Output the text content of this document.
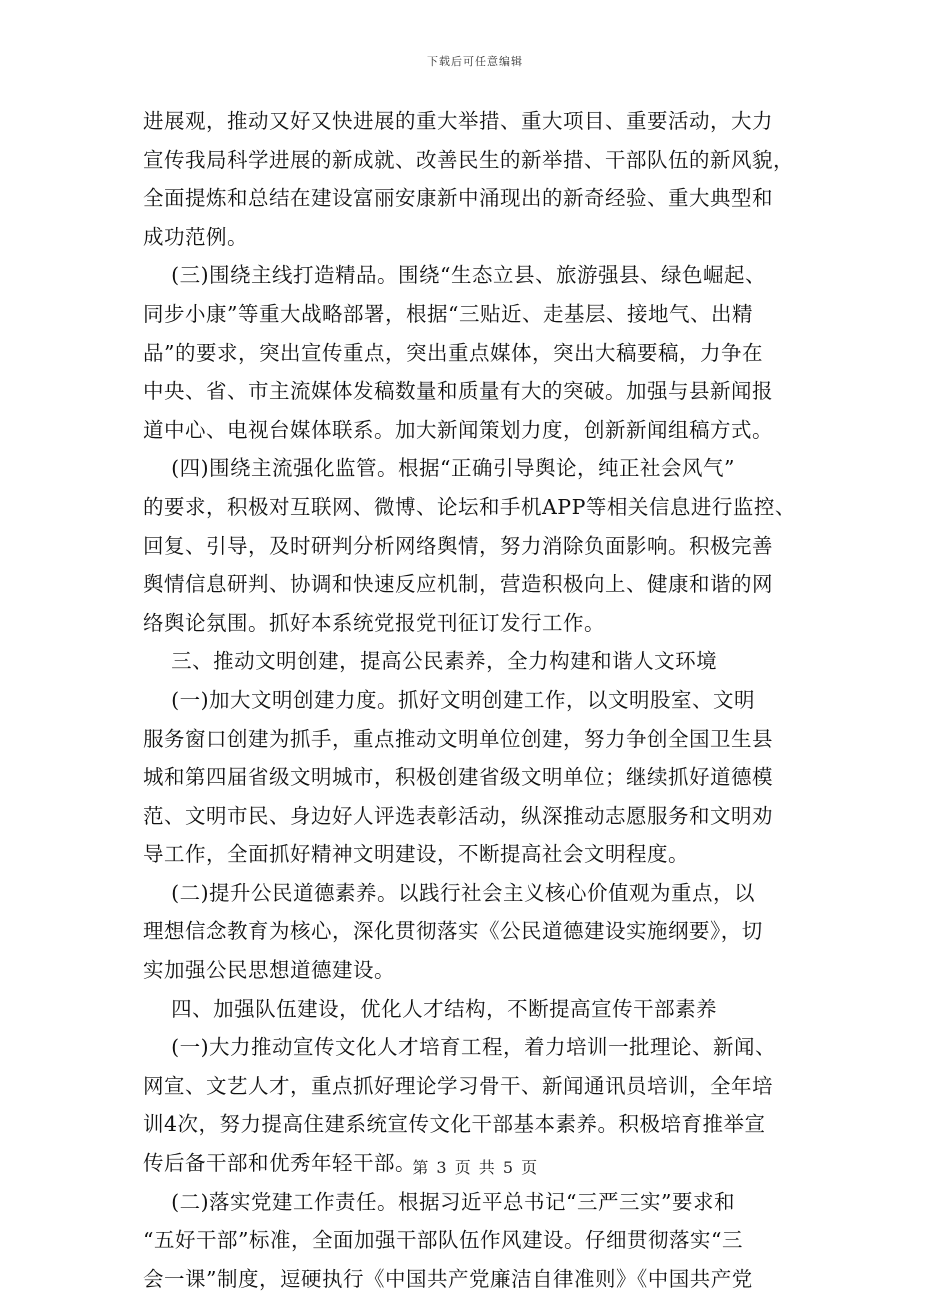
下载后可任意编辑
进展观，推动又好又快进展的重大举措、重大项目、重要活动，大力
宣传我局科学进展的新成就、改善民生的新举措、干部队伍的新风貌，
全面提炼和总结在建设富丽安康新中涌现出的新奇经验、重大典型和
成功范例。
(三)围绕主线打造精品。围绕“生态立县、旅游强县、绿色崛起、
同步小康”等重大战略部署，根据“三贴近、走基层、接地气、出精
品”的要求，突出宣传重点，突出重点媒体，突出大稿要稿，力争在
中央、省、市主流媒体发稿数量和质量有大的突破。加强与县新闻报
道中心、电视台媒体联系。加大新闻策划力度，创新新闻组稿方式。
(四)围绕主流强化监管。根据“正确引导舆论，纯正社会风气”
的要求，积极对互联网、微博、论坛和手机APP等相关信息进行监控、
回复、引导，及时研判分析网络舆情，努力消除负面影响。积极完善
舆情信息研判、协调和快速反应机制，营造积极向上、健康和谐的网
络舆论氛围。抓好本系统党报党刊征订发行工作。
三、推动文明创建，提高公民素养，全力构建和谐人文环境
(一)加大文明创建力度。抓好文明创建工作，以文明股室、文明
服务窗口创建为抓手，重点推动文明单位创建，努力争创全国卫生县
城和第四届省级文明城市，积极创建省级文明单位；继续抓好道德模
范、文明市民、身边好人评选表彰活动，纵深推动志愿服务和文明劝
导工作，全面抓好精神文明建设，不断提高社会文明程度。
(二)提升公民道德素养。以践行社会主义核心价值观为重点，以
理想信念教育为核心，深化贯彻落实《公民道德建设实施纲要》，切
实加强公民思想道德建设。
四、加强队伍建设，优化人才结构，不断提高宣传干部素养
(一)大力推动宣传文化人才培育工程，着力培训一批理论、新闻、
网宣、文艺人才，重点抓好理论学习骨干、新闻通讯员培训，全年培
训4次，努力提高住建系统宣传文化干部基本素养。积极培育推举宣
传后备干部和优秀年轻干部。
(二)落实党建工作责任。根据习近平总书记“三严三实”要求和
“五好干部”标准，全面加强干部队伍作风建设。仔细贯彻落实“三
会一课”制度，逗硬执行《中国共产党廉洁自律准则》《中国共产党
第 3 页 共 5 页
